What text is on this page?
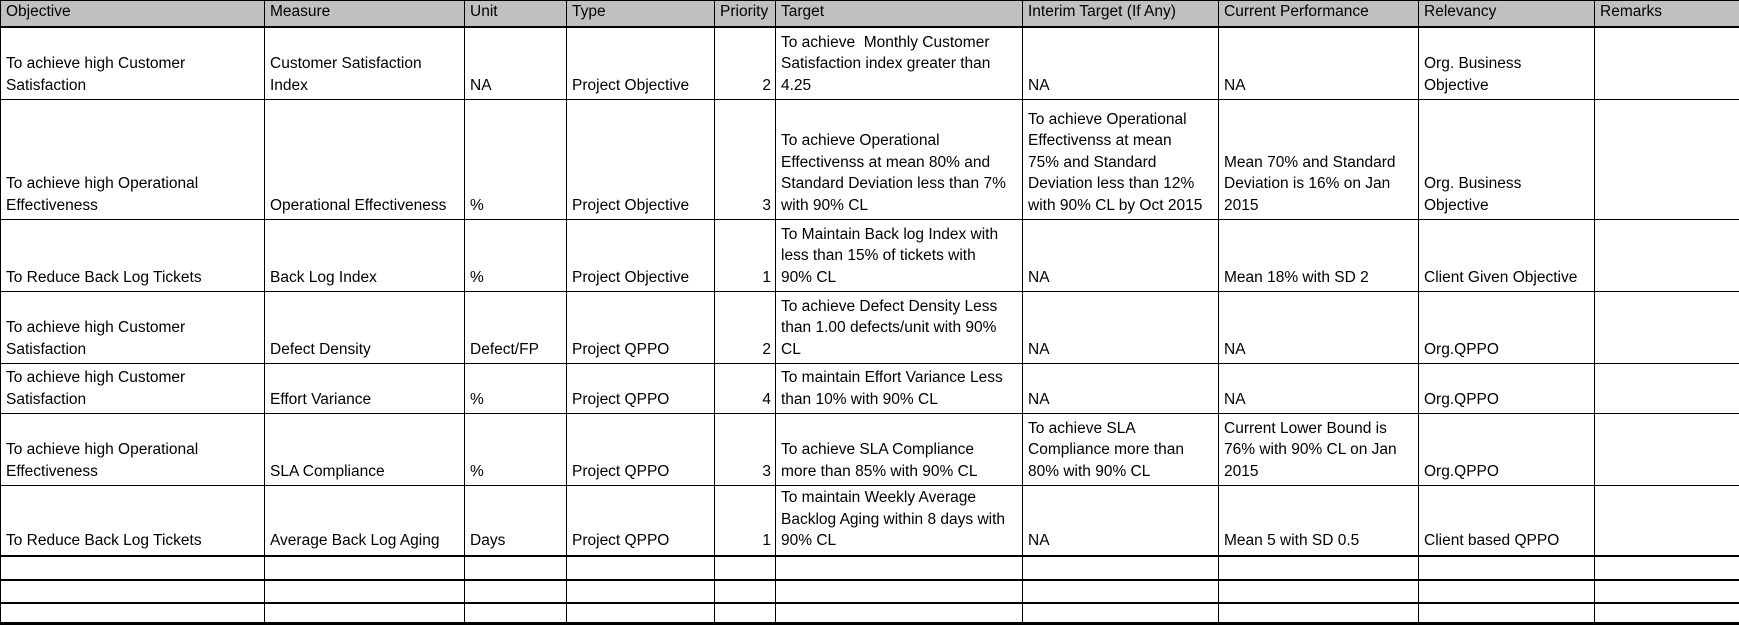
Objective	Measure	Unit	Type	Priority	Target	Interim Target (If Any)	Current Performance	Relevancy	Remarks
To achieve high Customer Satisfaction	Customer Satisfaction Index	NA	Project Objective	2	To achieve  Monthly Customer Satisfaction index greater than 4.25	NA	NA	Org. Business Objective	
To achieve high Operational Effectiveness	Operational Effectiveness	%	Project Objective	3	To achieve Operational Effectivenss at mean 80% and Standard Deviation less than 7% with 90% CL	To achieve Operational Effectivenss at mean 75% and Standard Deviation less than 12% with 90% CL by Oct 2015	Mean 70% and Standard Deviation is 16% on Jan 2015	Org. Business Objective	
To Reduce Back Log Tickets	Back Log Index	%	Project Objective	1	To Maintain Back log Index with less than 15% of tickets with 90% CL	NA	Mean 18% with SD 2	Client Given Objective	
To achieve high Customer Satisfaction	Defect Density	Defect/FP	Project QPPO	2	To achieve Defect Density Less than 1.00 defects/unit with 90% CL	NA	NA	Org.QPPO	
To achieve high Customer Satisfaction	Effort Variance	%	Project QPPO	4	To maintain Effort Variance Less than 10% with 90% CL	NA	NA	Org.QPPO	
To achieve high Operational Effectiveness	SLA Compliance	%	Project QPPO	3	To achieve SLA Compliance more than 85% with 90% CL	To achieve SLA Compliance more than 80% with 90% CL	Current Lower Bound is 76% with 90% CL on Jan 2015	Org.QPPO	
To Reduce Back Log Tickets	Average Back Log Aging	Days	Project QPPO	1	To maintain Weekly Average Backlog Aging within 8 days with 90% CL	NA	Mean 5 with SD 0.5	Client based QPPO	
